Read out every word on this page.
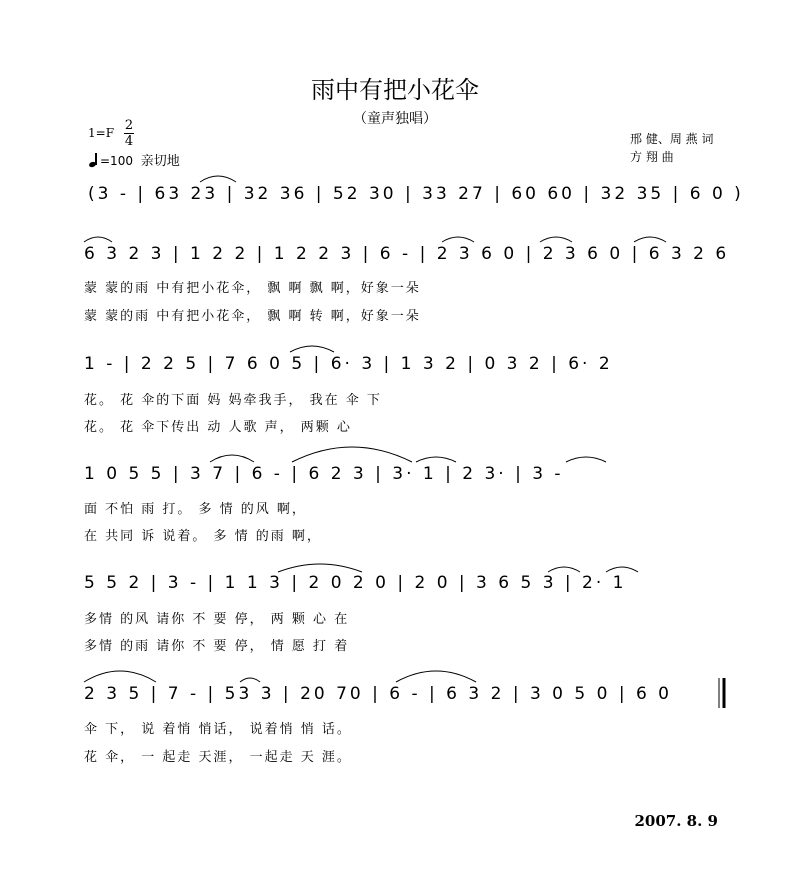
雨中有把小花伞
（童声独唱）
1=F 2
4
=100 亲切地
邢 健、周 燕 词
方 翔 曲
(3 - | 63 23 | 32 36 | 52 30 | 33 27 | 60 60 | 32 35 | 6 0 )
6 3 2 3 | 1 2 2 | 1 2 2 3 | 6 - | 2 3 6 0 | 2 3 6 0 | 6 3 2 6
蒙 蒙的雨 中有把小花伞， 飘 啊 飘 啊，好象一朵
蒙 蒙的雨 中有把小花伞， 飘 啊 转 啊，好象一朵
1 - | 2 2 5 | 7 6 0 5 | 6· 3 | 1 3 2 | 0 3 2 | 6· 2
花。 花 伞的下面 妈 妈牵我手， 我在 伞 下
花。 花 伞下传出 动 人歌 声， 两颗 心
1 0 5 5 | 3 7 | 6 - | 6 2 3 | 3· 1 | 2 3· | 3 -
面 不怕 雨 打。 多 情 的风 啊，
在 共同 诉 说着。 多 情 的雨 啊，
5 5 2 | 3 - | 1 1 3 | 2 0 2 0 | 2 0 | 3 6 5 3 | 2· 1
多情 的风 请你 不 要 停， 两 颗 心 在
多情 的雨 请你 不 要 停， 情 愿 打 着
2 3 5 | 7 - | 53 3 | 20 70 | 6 - | 6 3 2 | 3 0 5 0 | 6 0
伞 下， 说 着悄 悄话， 说着悄 悄 话。
花 伞， 一 起走 天涯， 一起走 天 涯。
2007. 8. 9
